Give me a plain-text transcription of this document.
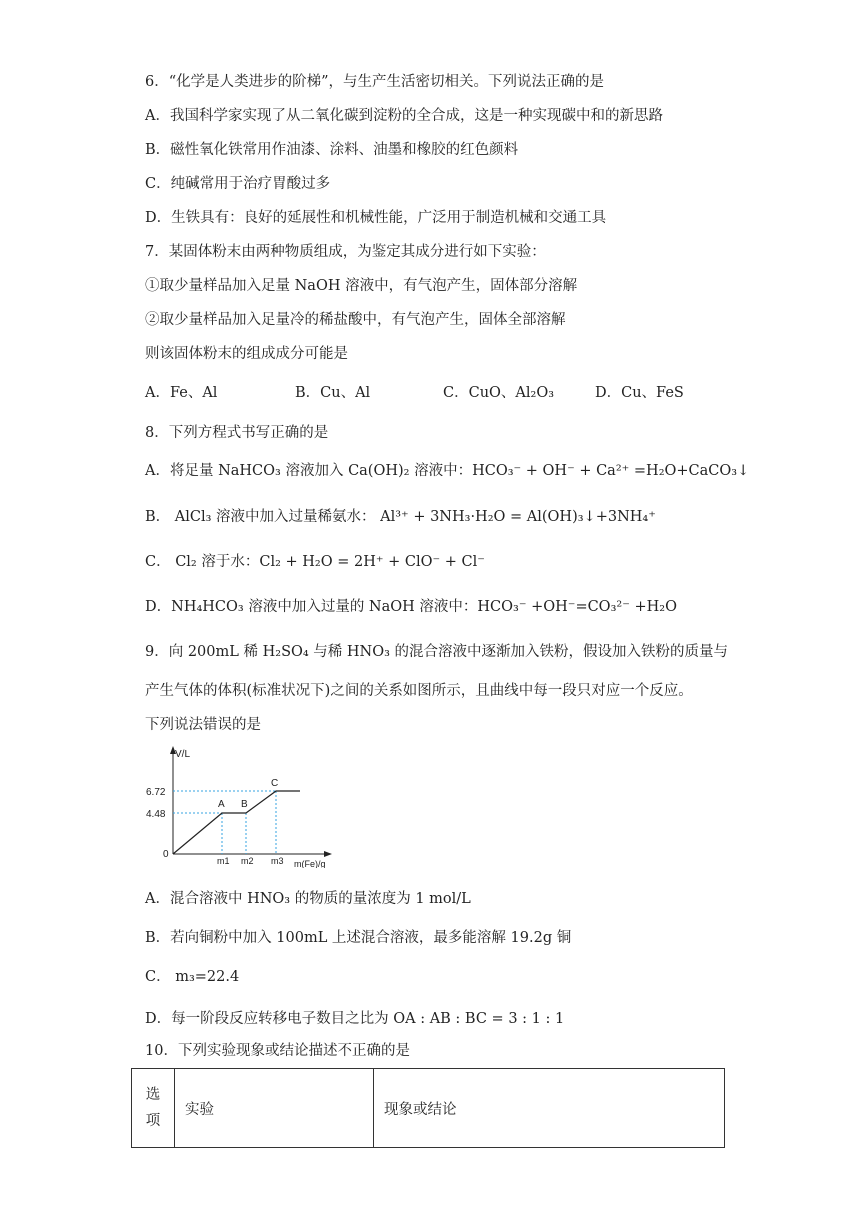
6．“化学是人类进步的阶梯”，与生产生活密切相关。下列说法正确的是
A．我国科学家实现了从二氧化碳到淀粉的全合成，这是一种实现碳中和的新思路
B．磁性氧化铁常用作油漆、涂料、油墨和橡胶的红色颜料
C．纯碱常用于治疗胃酸过多
D．生铁具有：良好的延展性和机械性能，广泛用于制造机械和交通工具
7．某固体粉末由两种物质组成，为鉴定其成分进行如下实验：
①取少量样品加入足量 NaOH 溶液中，有气泡产生，固体部分溶解
②取少量样品加入足量冷的稀盐酸中，有气泡产生，固体全部溶解
则该固体粉末的组成成分可能是
A．Fe、Al	B．Cu、Al	C．CuO、Al₂O₃	D．Cu、FeS
8．下列方程式书写正确的是
A．将足量 NaHCO₃ 溶液加入 Ca(OH)₂ 溶液中：HCO₃⁻ + OH⁻ + Ca²⁺ =H₂O+CaCO₃↓
B． AlCl₃ 溶液中加入过量稀氨水： Al³⁺ + 3NH₃·H₂O = Al(OH)₃↓+3NH₄⁺
C． Cl₂ 溶于水：Cl₂ + H₂O = 2H⁺ + ClO⁻ + Cl⁻
D．NH₄HCO₃ 溶液中加入过量的 NaOH 溶液中：HCO₃⁻ +OH⁻=CO₃²⁻ +H₂O
9．向 200mL 稀 H₂SO₄ 与稀 HNO₃ 的混合溶液中逐渐加入铁粉，假设加入铁粉的质量与
产生气体的体积(标准状况下)之间的关系如图所示，且曲线中每一段只对应一个反应。
下列说法错误的是
V/L
6.72
4.48
0
A B
C
m1 m2 m3 m(Fe)/g
A．混合溶液中 HNO₃ 的物质的量浓度为 1 mol/L
B．若向铜粉中加入 100mL 上述混合溶液，最多能溶解 19.2g 铜
C． m₃=22.4
D．每一阶段反应转移电子数目之比为 OA : AB : BC = 3 : 1 : 1
10．下列实验现象或结论描述不正确的是
选项	实验	现象或结论
